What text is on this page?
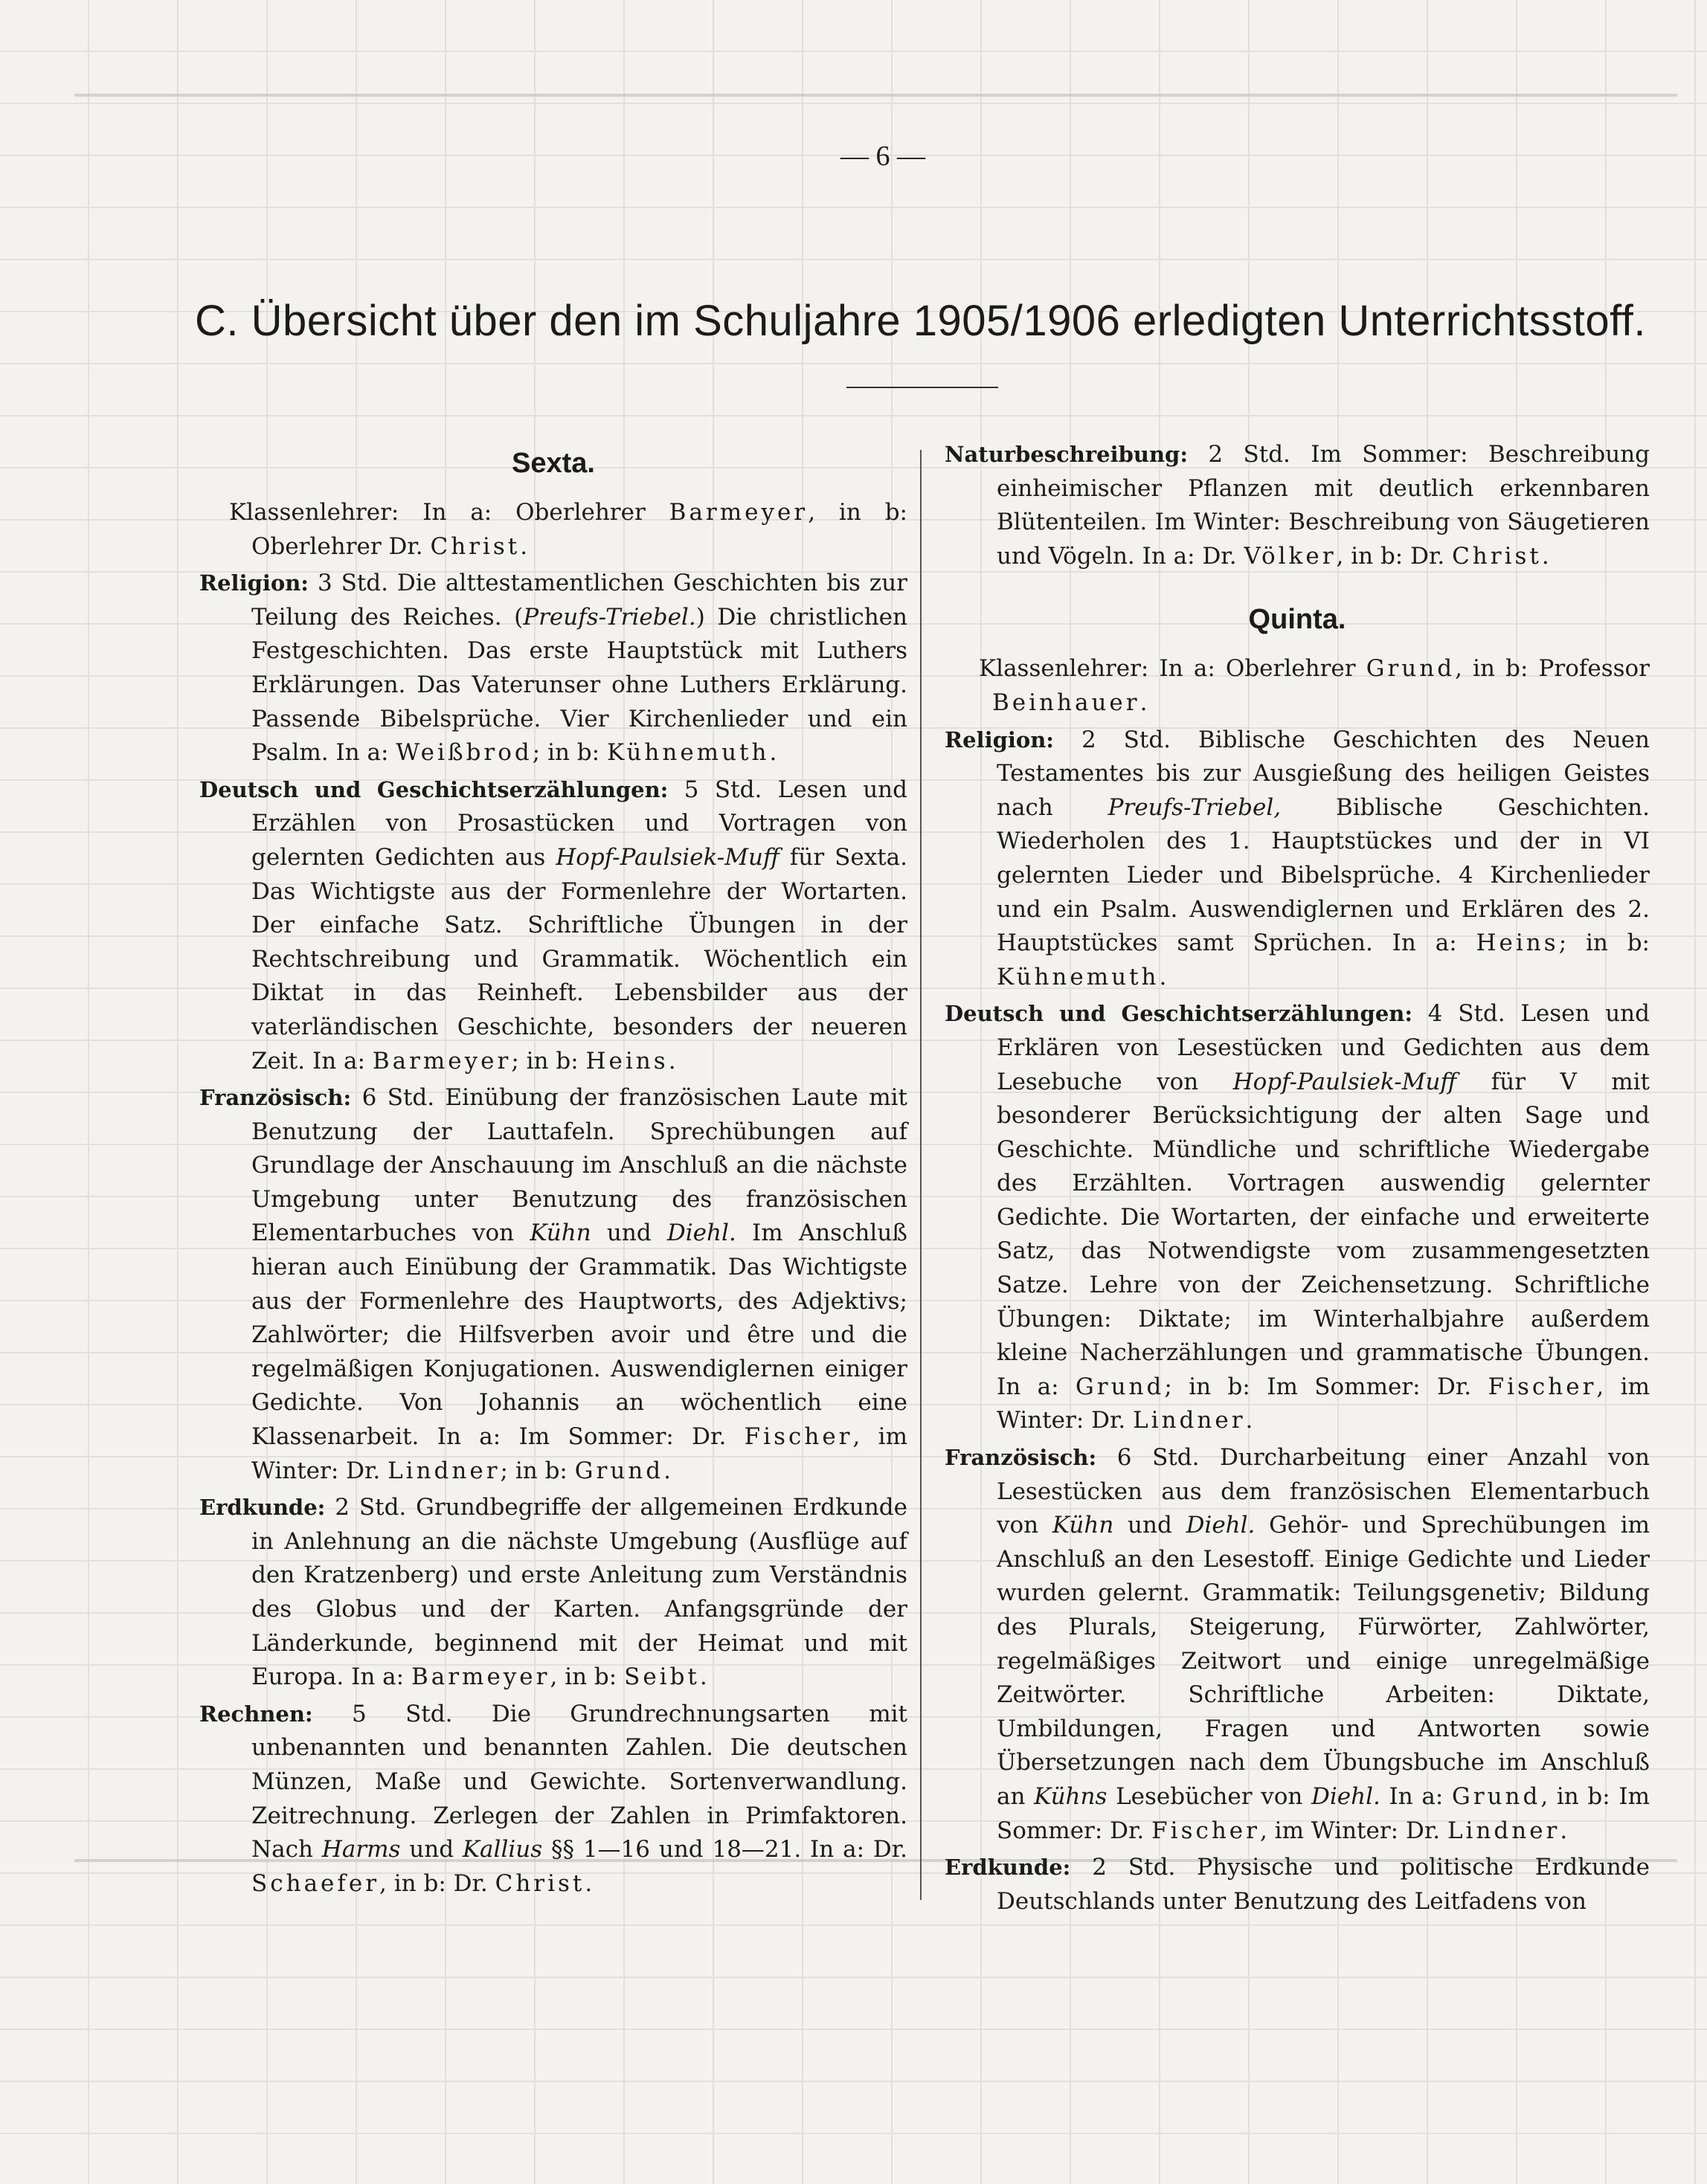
— 6 —
C. Übersicht über den im Schuljahre 1905/1906 erledigten Unterrichtsstoff.
Sexta.

Klassenlehrer: In a: Oberlehrer Barmeyer, in b: Oberlehrer Dr. Christ.

Religion: 3 Std. Die alttestamentlichen Geschichten bis zur Teilung des Reiches. (Preufs-Triebel.) Die christlichen Festgeschichten. Das erste Hauptstück mit Luthers Erklärungen. Das Vaterunser ohne Luthers Erklärung. Passende Bibelsprüche. Vier Kirchenlieder und ein Psalm. In a: Weißbrod; in b: Kühnemuth.

Deutsch und Geschichtserzählungen: 5 Std. Lesen und Erzählen von Prosastücken und Vortragen von gelernten Gedichten aus Hopf-Paulsiek-Muff für Sexta. Das Wichtigste aus der Formenlehre der Wortarten. Der einfache Satz. Schriftliche Übungen in der Rechtschreibung und Grammatik. Wöchentlich ein Diktat in das Reinheft. Lebensbilder aus der vaterländischen Geschichte, besonders der neueren Zeit. In a: Barmeyer; in b: Heins.

Französisch: 6 Std. Einübung der französischen Laute mit Benutzung der Lauttafeln. Sprechübungen auf Grundlage der Anschauung im Anschluß an die nächste Umgebung unter Benutzung des französischen Elementarbuches von Kühn und Diehl. Im Anschluß hieran auch Einübung der Grammatik. Das Wichtigste aus der Formenlehre des Hauptworts, des Adjektivs; Zahlwörter; die Hilfsverben avoir und être und die regelmäßigen Konjugationen. Auswendiglernen einiger Gedichte. Von Johannis an wöchentlich eine Klassenarbeit. In a: Im Sommer: Dr. Fischer, im Winter: Dr. Lindner; in b: Grund.

Erdkunde: 2 Std. Grundbegriffe der allgemeinen Erdkunde in Anlehnung an die nächste Umgebung (Ausflüge auf den Kratzenberg) und erste Anleitung zum Verständnis des Globus und der Karten. Anfangsgründe der Länderkunde, beginnend mit der Heimat und mit Europa. In a: Barmeyer, in b: Seibt.

Rechnen: 5 Std. Die Grundrechnungsarten mit unbenannten und benannten Zahlen. Die deutschen Münzen, Maße und Gewichte. Sortenverwandlung. Zeitrechnung. Zerlegen der Zahlen in Primfaktoren. Nach Harms und Kallius §§ 1—16 und 18—21. In a: Dr. Schaefer, in b: Dr. Christ.

Naturbeschreibung: 2 Std. Im Sommer: Beschreibung einheimischer Pflanzen mit deutlich erkennbaren Blütenteilen. Im Winter: Beschreibung von Säugetieren und Vögeln. In a: Dr. Völker, in b: Dr. Christ.

Quinta.

Klassenlehrer: In a: Oberlehrer Grund, in b: Professor Beinhauer.

Religion: 2 Std. Biblische Geschichten des Neuen Testamentes bis zur Ausgießung des heiligen Geistes nach Preufs-Triebel, Biblische Geschichten. Wiederholen des 1. Hauptstückes und der in VI gelernten Lieder und Bibelsprüche. 4 Kirchenlieder und ein Psalm. Auswendiglernen und Erklären des 2. Hauptstückes samt Sprüchen. In a: Heins; in b: Kühnemuth.

Deutsch und Geschichtserzählungen: 4 Std. Lesen und Erklären von Lesestücken und Gedichten aus dem Lesebuche von Hopf-Paulsiek-Muff für V mit besonderer Berücksichtigung der alten Sage und Geschichte. Mündliche und schriftliche Wiedergabe des Erzählten. Vortragen auswendig gelernter Gedichte. Die Wortarten, der einfache und erweiterte Satz, das Notwendigste vom zusammengesetzten Satze. Lehre von der Zeichensetzung. Schriftliche Übungen: Diktate; im Winterhalbjahre außerdem kleine Nacherzählungen und grammatische Übungen. In a: Grund; in b: Im Sommer: Dr. Fischer, im Winter: Dr. Lindner.

Französisch: 6 Std. Durcharbeitung einer Anzahl von Lesestücken aus dem französischen Elementarbuch von Kühn und Diehl. Gehör- und Sprechübungen im Anschluß an den Lesestoff. Einige Gedichte und Lieder wurden gelernt. Grammatik: Teilungsgenetiv; Bildung des Plurals, Steigerung, Fürwörter, Zahlwörter, regelmäßiges Zeitwort und einige unregelmäßige Zeitwörter. Schriftliche Arbeiten: Diktate, Umbildungen, Fragen und Antworten sowie Übersetzungen nach dem Übungsbuche im Anschluß an Kühns Lesebücher von Diehl. In a: Grund, in b: Im Sommer: Dr. Fischer, im Winter: Dr. Lindner.

Erdkunde: 2 Std. Physische und politische Erdkunde Deutschlands unter Benutzung des Leitfadens von
